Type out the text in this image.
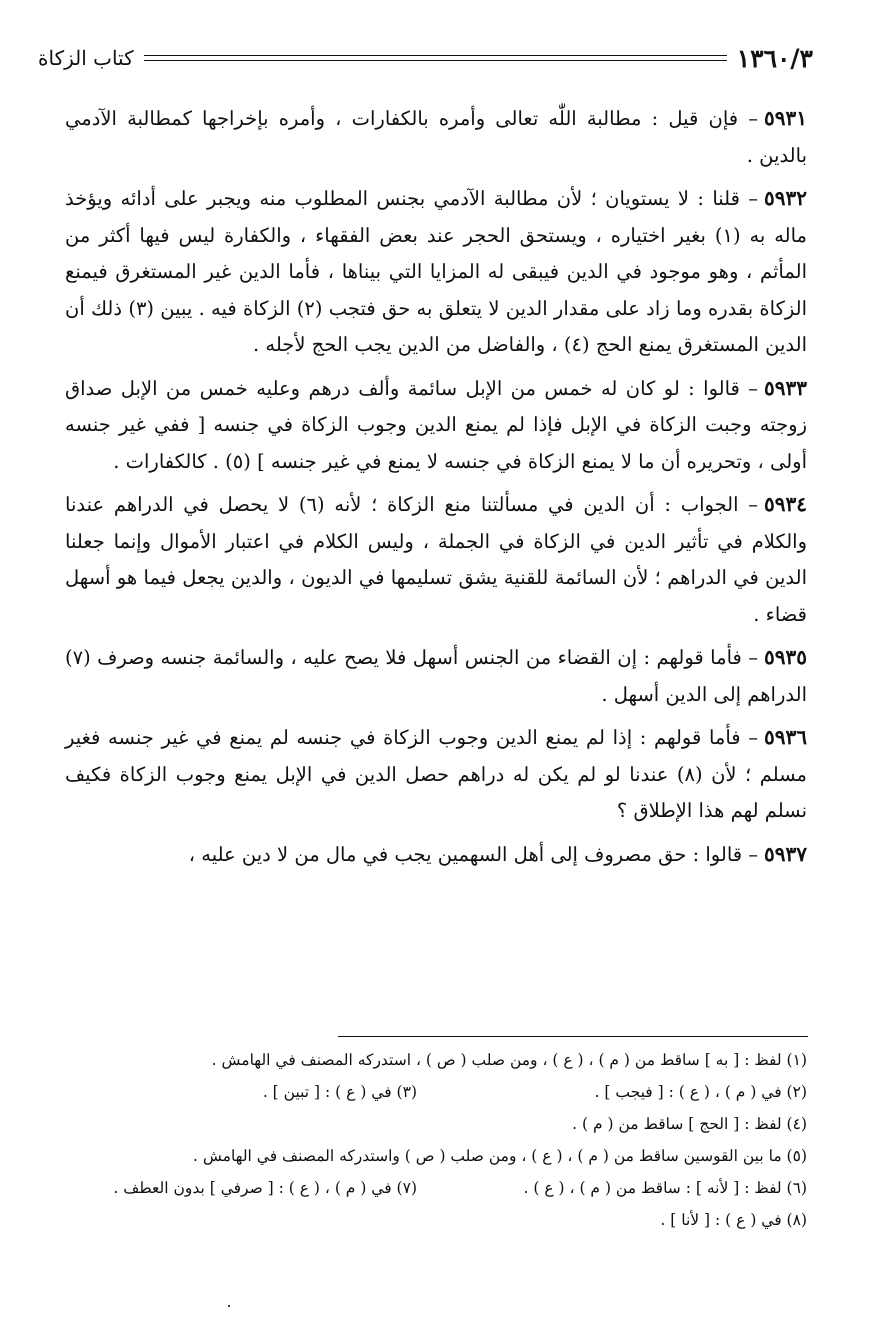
١٣٦٠/٣
كتاب الزكاة

٥٩٣١– فإن قيل : مطالبة اللّٰه تعالى وأمره بالكفارات ، وأمره بإخراجها كمطالبة الآدمي بالدين .

٥٩٣٢– قلنا : لا يستويان ؛ لأن مطالبة الآدمي بجنس المطلوب منه ويجبر على أدائه ويؤخذ ماله به (١) بغير اختياره ، ويستحق الحجر عند بعض الفقهاء ، والكفارة ليس فيها أكثر من المأثم ، وهو موجود في الدين فيبقى له المزايا التي بيناها ، فأما الدين غير المستغرق فيمنع الزكاة بقدره وما زاد على مقدار الدين لا يتعلق به حق فتجب (٢) الزكاة فيه . يبين (٣) ذلك أن الدين المستغرق يمنع الحج (٤) ، والفاضل من الدين يجب الحج لأجله .

٥٩٣٣– قالوا : لو كان له خمس من الإبل سائمة وألف درهم وعليه خمس من الإبل صداق زوجته وجبت الزكاة في الإبل فإذا لم يمنع الدين وجوب الزكاة في جنسه [ ففي غير جنسه أولى ، وتحريره أن ما لا يمنع الزكاة في جنسه لا يمنع في غير جنسه ] (٥) . كالكفارات .

٥٩٣٤– الجواب : أن الدين في مسألتنا منع الزكاة ؛ لأنه (٦) لا يحصل في الدراهم عندنا والكلام في تأثير الدين في الزكاة في الجملة ، وليس الكلام في اعتبار الأموال وإنما جعلنا الدين في الدراهم ؛ لأن السائمة للقنية يشق تسليمها في الديون ، والدين يجعل فيما هو أسهل قضاء .

٥٩٣٥– فأما قولهم : إن القضاء من الجنس أسهل فلا يصح عليه ، والسائمة جنسه وصرف (٧) الدراهم إلى الدين أسهل .

٥٩٣٦– فأما قولهم : إذا لم يمنع الدين وجوب الزكاة في جنسه لم يمنع في غير جنسه فغير مسلم ؛ لأن (٨) عندنا لو لم يكن له دراهم حصل الدين في الإبل يمنع وجوب الزكاة فكيف نسلم لهم هذا الإطلاق ؟

٥٩٣٧– قالوا : حق مصروف إلى أهل السهمين يجب في مال من لا دين عليه ،

(١) لفظ : [ به ] ساقط من ( م ) ، ( ع ) ، ومن صلب ( ص ) ، استدركه المصنف في الهامش .
(٢) في ( م ) ، ( ع ) : [ فيجب ] .
(٣) في ( ع ) : [ تبين ] .
(٤) لفظ : [ الحج ] ساقط من ( م ) .
(٥) ما بين القوسين ساقط من ( م ) ، ( ع ) ، ومن صلب ( ص ) واستدركه المصنف في الهامش .
(٦) لفظ : [ لأنه ] : ساقط من ( م ) ، ( ع ) .
(٧) في ( م ) ، ( ع ) : [ صرفي ] بدون العطف .
(٨) في ( ع ) : [ لأنا ] .
